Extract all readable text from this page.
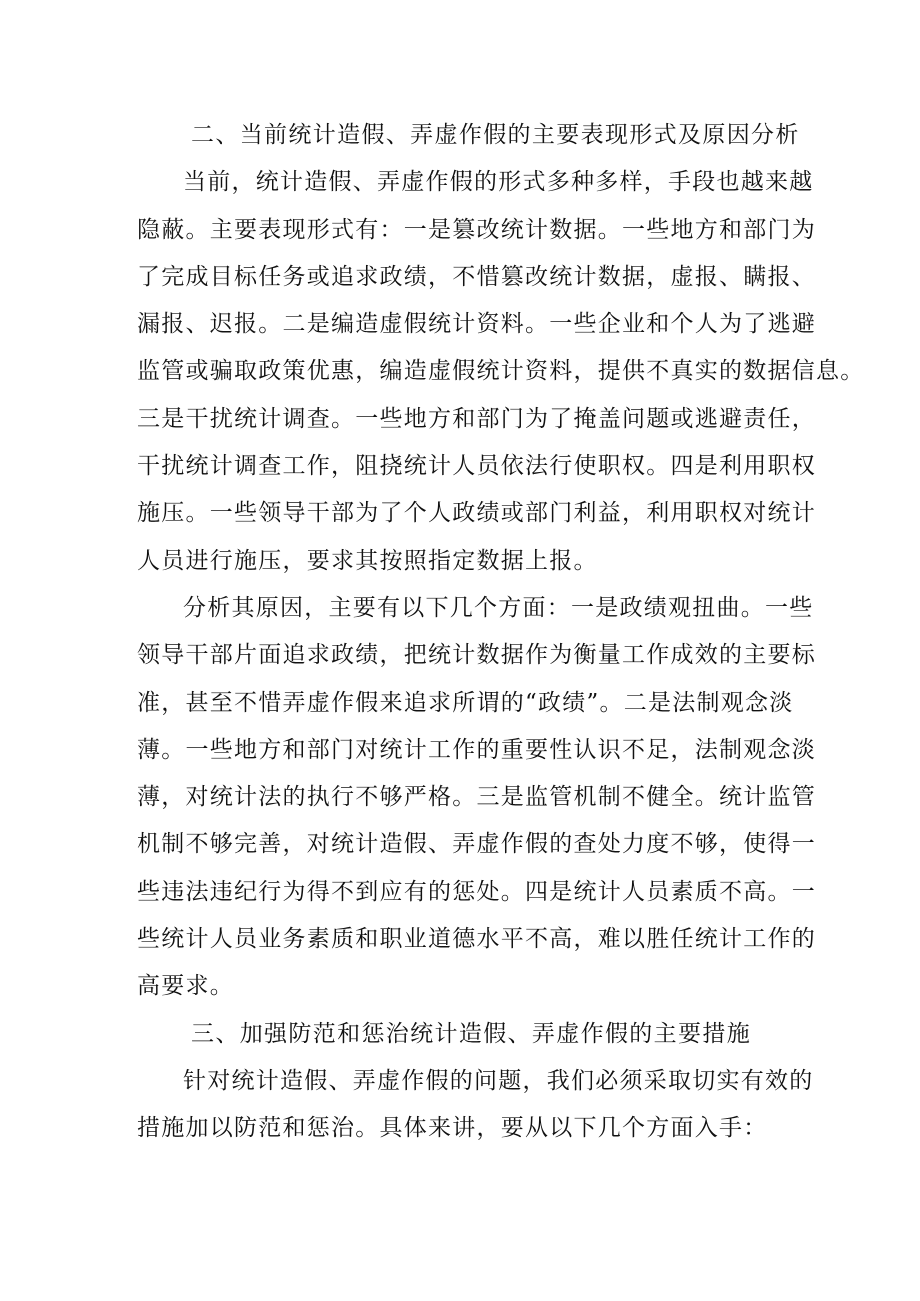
二、当前统计造假、弄虚作假的主要表现形式及原因分析
当前，统计造假、弄虚作假的形式多种多样，手段也越来越
隐蔽。主要表现形式有：一是篡改统计数据。一些地方和部门为
了完成目标任务或追求政绩，不惜篡改统计数据，虚报、瞒报、
漏报、迟报。二是编造虚假统计资料。一些企业和个人为了逃避
监管或骗取政策优惠，编造虚假统计资料，提供不真实的数据信息。
三是干扰统计调查。一些地方和部门为了掩盖问题或逃避责任，
干扰统计调查工作，阻挠统计人员依法行使职权。四是利用职权
施压。一些领导干部为了个人政绩或部门利益，利用职权对统计
人员进行施压，要求其按照指定数据上报。
分析其原因，主要有以下几个方面：一是政绩观扭曲。一些
领导干部片面追求政绩，把统计数据作为衡量工作成效的主要标
准，甚至不惜弄虚作假来追求所谓的“政绩”。二是法制观念淡
薄。一些地方和部门对统计工作的重要性认识不足，法制观念淡
薄，对统计法的执行不够严格。三是监管机制不健全。统计监管
机制不够完善，对统计造假、弄虚作假的查处力度不够，使得一
些违法违纪行为得不到应有的惩处。四是统计人员素质不高。一
些统计人员业务素质和职业道德水平不高，难以胜任统计工作的
高要求。
三、加强防范和惩治统计造假、弄虚作假的主要措施
针对统计造假、弄虚作假的问题，我们必须采取切实有效的
措施加以防范和惩治。具体来讲，要从以下几个方面入手：
